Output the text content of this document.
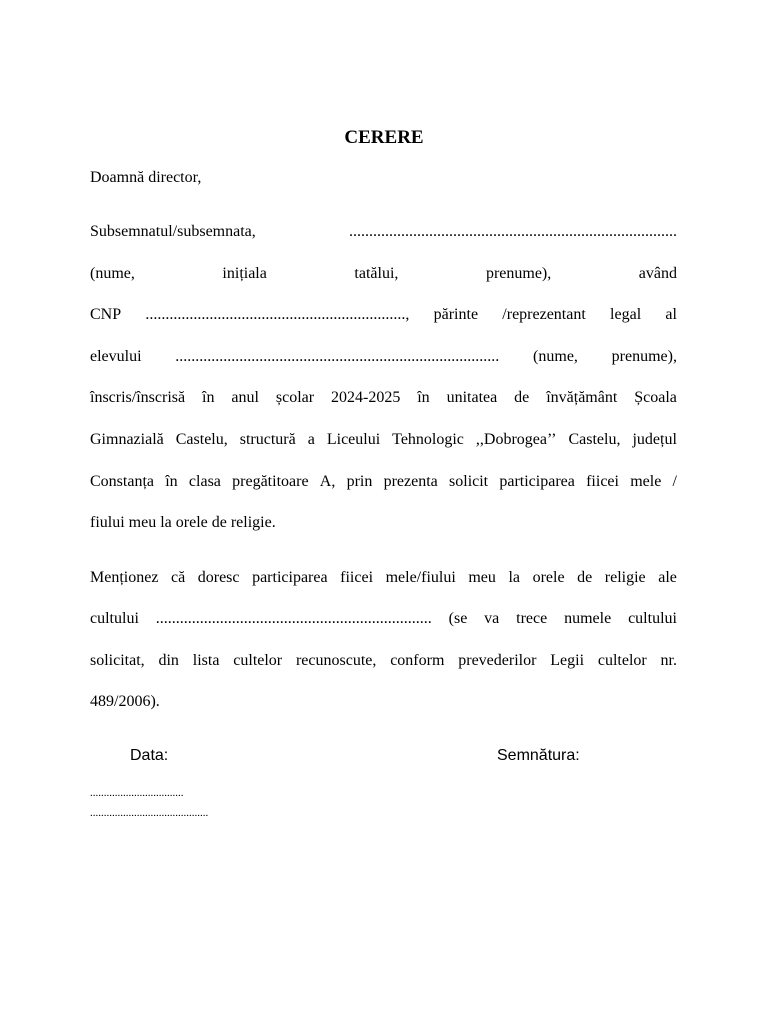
CERERE
Doamnă director,
Subsemnatul/subsemnata,	..................................................................................
(nume,	inițiala	tatălui,	prenume),	având
CNP ................................................................., părinte /reprezentant legal al
elevului ................................................................................. (nume, prenume),
înscris/înscrisă în anul școlar 2024-2025 în unitatea de învățământ Școala
Gimnazială Castelu, structură a Liceului Tehnologic ,,Dobrogea’’ Castelu, județul
Constanța în clasa pregătitoare A, prin prezenta solicit participarea fiicei mele /
fiului meu la orele de religie.
Menționez că doresc participarea fiicei mele/fiului meu la orele de religie ale
cultului ..................................................................... (se va trece numele cultului
solicitat, din lista cultelor recunoscute, conform prevederilor Legii cultelor nr.
489/2006).
Data:	Semnătura:
..................................
...........................................
